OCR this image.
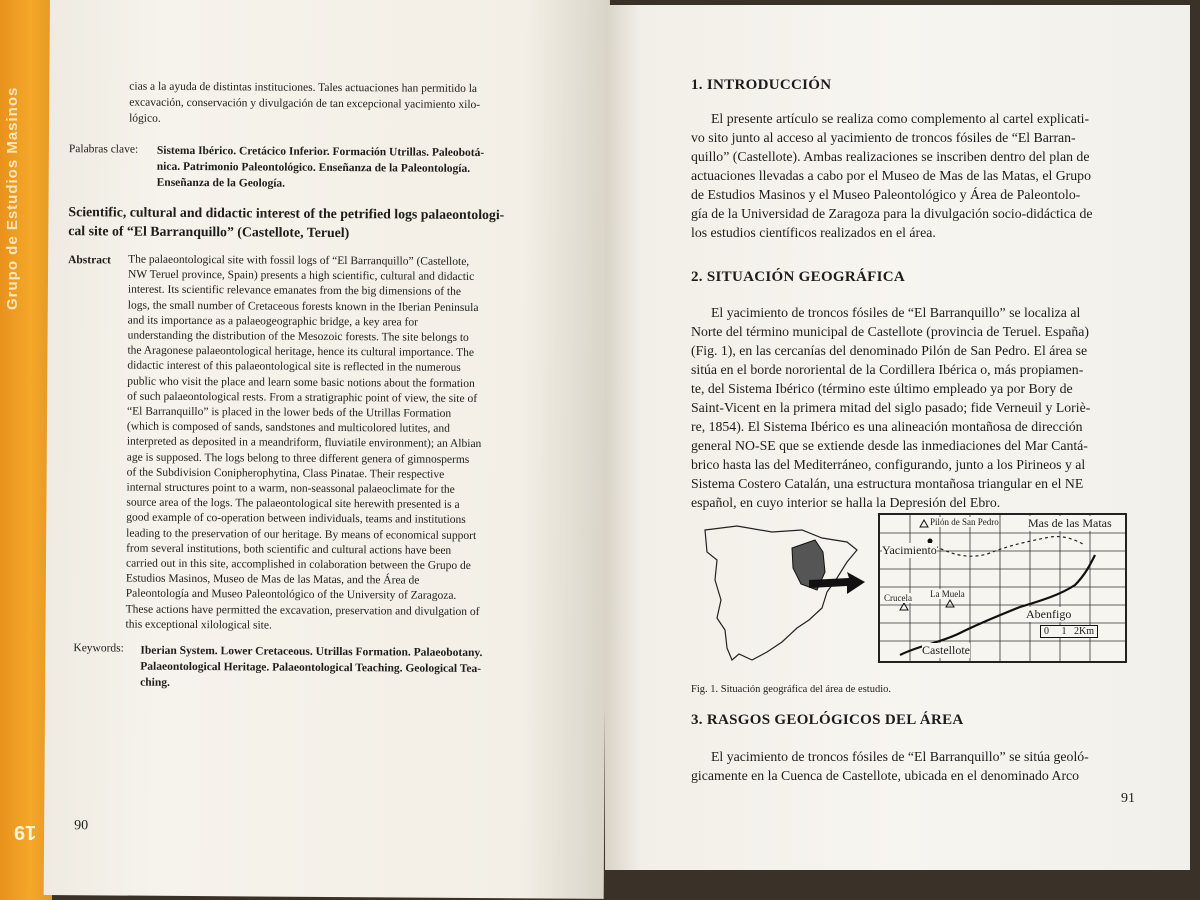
Grupo de Estudios Masinos
19
cias a la ayuda de distintas instituciones. Tales actuaciones han permitido la
excavación, conservación y divulgación de tan excepcional yacimiento xilo-
lógico.
Palabras clave: Sistema Ibérico. Cretácico Inferior. Formación Utrillas. Paleobotá-
nica. Patrimonio Paleontológico. Enseñanza de la Paleontología.
Enseñanza de la Geología.
Scientific, cultural and didactic interest of the petrified logs palaeontologi-
cal site of “El Barranquillo” (Castellote, Teruel)
Abstract The palaeontological site with fossil logs of “El Barranquillo” (Castellote,
NW Teruel province, Spain) presents a high scientific, cultural and didactic
interest. Its scientific relevance emanates from the big dimensions of the
logs, the small number of Cretaceous forests known in the Iberian Peninsula
and its importance as a palaeogeographic bridge, a key area for
understanding the distribution of the Mesozoic forests. The site belongs to
the Aragonese palaeontological heritage, hence its cultural importance. The
didactic interest of this palaeontological site is reflected in the numerous
public who visit the place and learn some basic notions about the formation
of such palaeontological rests. From a stratigraphic point of view, the site of
“El Barranquillo” is placed in the lower beds of the Utrillas Formation
(which is composed of sands, sandstones and multicolored lutites, and
interpreted as deposited in a meandriform, fluviatile environment); an Albian
age is supposed. The logs belong to three different genera of gimnosperms
of the Subdivision Conipherophytina, Class Pinatae. Their respective
internal structures point to a warm, non-seassonal palaeoclimate for the
source area of the logs. The palaeontological site herewith presented is a
good example of co-operation between individuals, teams and institutions
leading to the preservation of our heritage. By means of economical support
from several institutions, both scientific and cultural actions have been
carried out in this site, accomplished in colaboration between the Grupo de
Estudios Masinos, Museo de Mas de las Matas, and the Área de
Paleontología and Museo Paleontológico of the University of Zaragoza.
These actions have permitted the excavation, preservation and divulgation of
this exceptional xilological site.
Keywords: Iberian System. Lower Cretaceous. Utrillas Formation. Palaeobotany.
Palaeontological Heritage. Palaeontological Teaching. Geological Tea-
ching.
90
1. INTRODUCCIÓN
El presente artículo se realiza como complemento al cartel explicati-
vo sito junto al acceso al yacimiento de troncos fósiles de “El Barran-
quillo” (Castellote). Ambas realizaciones se inscriben dentro del plan de
actuaciones llevadas a cabo por el Museo de Mas de las Matas, el Grupo
de Estudios Masinos y el Museo Paleontológico y Área de Paleontolo-
gía de la Universidad de Zaragoza para la divulgación socio-didáctica de
los estudios científicos realizados en el área.
2. SITUACIÓN GEOGRÁFICA
El yacimiento de troncos fósiles de “El Barranquillo” se localiza al
Norte del término municipal de Castellote (provincia de Teruel. España)
(Fig. 1), en las cercanías del denominado Pilón de San Pedro. El área se
sitúa en el borde nororiental de la Cordillera Ibérica o, más propiamen-
te, del Sistema Ibérico (término este último empleado ya por Bory de
Saint-Vicent en la primera mitad del siglo pasado; fide Verneuil y Loriè-
re, 1854). El Sistema Ibérico es una alineación montañosa de dirección
general NO-SE que se extiende desde las inmediaciones del Mar Cantá-
brico hasta las del Mediterráneo, configurando, junto a los Pirineos y al
Sistema Costero Catalán, una estructura montañosa triangular en el NE
español, en cuyo interior se halla la Depresión del Ebro.
Pilón de San Pedro Mas de las Matas
Yacimiento
Crucela La Muela
Abenfigo
Castellote
0     1   2Km
Fig. 1. Situación geográfica del área de estudio.
3. RASGOS GEOLÓGICOS DEL ÁREA
El yacimiento de troncos fósiles de “El Barranquillo” se sitúa geoló-
gicamente en la Cuenca de Castellote, ubicada en el denominado Arco
91
